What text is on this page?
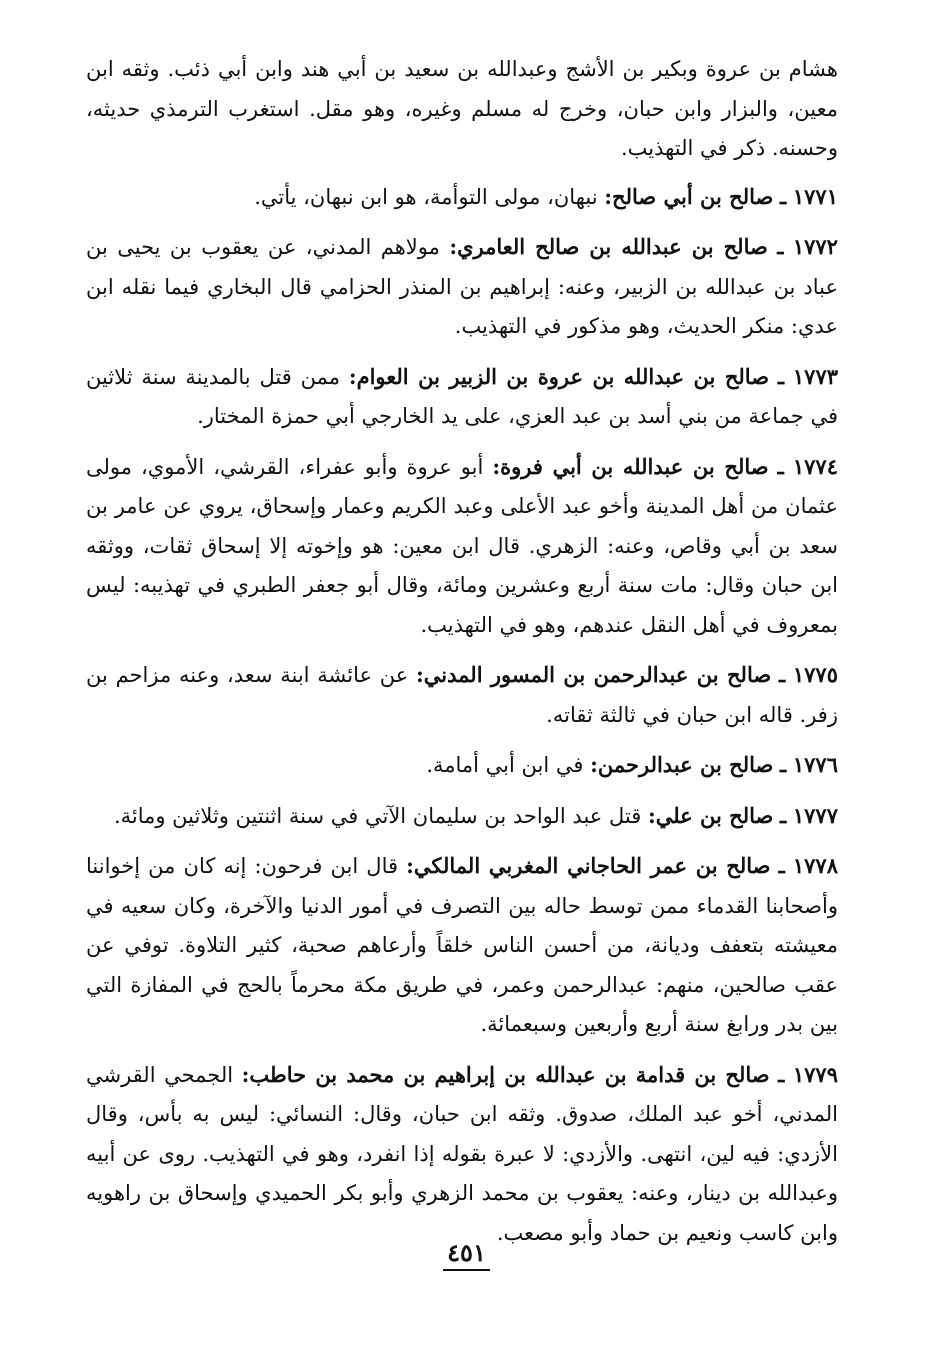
هشام بن عروة وبكير بن الأشج وعبدالله بن سعيد بن أبي هند وابن أبي ذئب. وثقه ابن معين، والبزار وابن حبان، وخرج له مسلم وغيره، وهو مقل. استغرب الترمذي حديثه، وحسنه. ذكر في التهذيب.

١٧٧١ ـ صالح بن أبي صالح: نبهان، مولى التوأمة، هو ابن نبهان، يأتي.

١٧٧٢ ـ صالح بن عبدالله بن صالح العامري: مولاهم المدني، عن يعقوب بن يحيى بن عباد بن عبدالله بن الزبير، وعنه: إبراهيم بن المنذر الحزامي قال البخاري فيما نقله ابن عدي: منكر الحديث، وهو مذكور في التهذيب.

١٧٧٣ ـ صالح بن عبدالله بن عروة بن الزبير بن العوام: ممن قتل بالمدينة سنة ثلاثين في جماعة من بني أسد بن عبد العزي، على يد الخارجي أبي حمزة المختار.

١٧٧٤ ـ صالح بن عبدالله بن أبي فروة: أبو عروة وأبو عفراء، القرشي، الأموي، مولى عثمان من أهل المدينة وأخو عبد الأعلى وعبد الكريم وعمار وإسحاق، يروي عن عامر بن سعد بن أبي وقاص، وعنه: الزهري. قال ابن معين: هو وإخوته إلا إسحاق ثقات، ووثقه ابن حبان وقال: مات سنة أربع وعشرين ومائة، وقال أبو جعفر الطبري في تهذيبه: ليس بمعروف في أهل النقل عندهم، وهو في التهذيب.

١٧٧٥ ـ صالح بن عبدالرحمن بن المسور المدني: عن عائشة ابنة سعد، وعنه مزاحم بن زفر. قاله ابن حبان في ثالثة ثقاته.

١٧٧٦ ـ صالح بن عبدالرحمن: في ابن أبي أمامة.

١٧٧٧ ـ صالح بن علي: قتل عبد الواحد بن سليمان الآتي في سنة اثنتين وثلاثين ومائة.

١٧٧٨ ـ صالح بن عمر الحاجاني المغربي المالكي: قال ابن فرحون: إنه كان من إخواننا وأصحابنا القدماء ممن توسط حاله بين التصرف في أمور الدنيا والآخرة، وكان سعيه في معيشته بتعفف وديانة، من أحسن الناس خلقاً وأرعاهم صحبة، كثير التلاوة. توفي عن عقب صالحين، منهم: عبدالرحمن وعمر، في طريق مكة محرماً بالحج في المفازة التي بين بدر ورابغ سنة أربع وأربعين وسبعمائة.

١٧٧٩ ـ صالح بن قدامة بن عبدالله بن إبراهيم بن محمد بن حاطب: الجمحي القرشي المدني، أخو عبد الملك، صدوق. وثقه ابن حبان، وقال: النسائي: ليس به بأس، وقال الأزدي: فيه لين، انتهى. والأزدي: لا عبرة بقوله إذا انفرد، وهو في التهذيب. روى عن أبيه وعبدالله بن دينار، وعنه: يعقوب بن محمد الزهري وأبو بكر الحميدي وإسحاق بن راهويه وابن كاسب ونعيم بن حماد وأبو مصعب.

٤٥١
